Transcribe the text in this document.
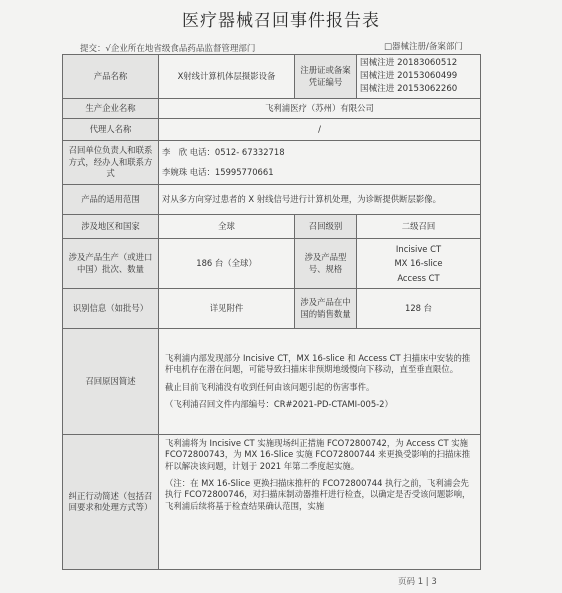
医疗器械召回事件报告表
提交：√企业所在地省级食品药品监督管理部门	□器械注册/备案部门
产品名称	X射线计算机体层摄影设备	注册证或备案凭证编号	国械注进 20183060512
国械注进 20153060499
国械注进 20153062260

生产企业名称	飞利浦医疗（苏州）有限公司		
代理人名称	/		
召回单位负责人和联系方式，经办人和联系方式	李　欣 电话：0512- 67332718
李婉珠 电话：15995770661		

产品的适用范围	对从多方向穿过患者的 X 射线信号进行计算机处理，为诊断提供断层影像。		
涉及地区和国家	全球	召回级别	二级召回
涉及产品生产（或进口中国）批次、数量	186 台（全球）	涉及产品型号、规格	Incisive CT
MX 16-slice
Access CT

识别信息（如批号）	详见附件	涉及产品在中国的销售数量	128 台
召回原因简述	飞利浦内部发现部分 Incisive CT，MX 16-slice 和 Access CT 扫描床中安装的推杆电机存在潜在问题，可能导致扫描床非预期地缓慢向下移动，直至垂直限位。

截止目前飞利浦没有收到任何由该问题引起的伤害事件。

（飞利浦召回文件内部编号：CR#2021-PD-CTAMI-005-2）		

纠正行动简述（包括召回要求和处理方式等）	飞利浦将为 Incisive CT 实施现场纠正措施 FCO72800742，为 Access CT 实施 FCO72800743，为 MX 16-Slice 实施 FCO72800744 来更换受影响的扫描床推杆以解决该问题，计划于 2021 年第二季度起实施。

（注：在 MX 16-Slice 更换扫描床推杆的 FCO72800744 执行之前，飞利浦会先执行 FCO72800746，对扫描床制动器推杆进行检查，以确定是否受该问题影响，飞利浦后续将基于检查结果确认范围，实施		

页码 1 | 3
